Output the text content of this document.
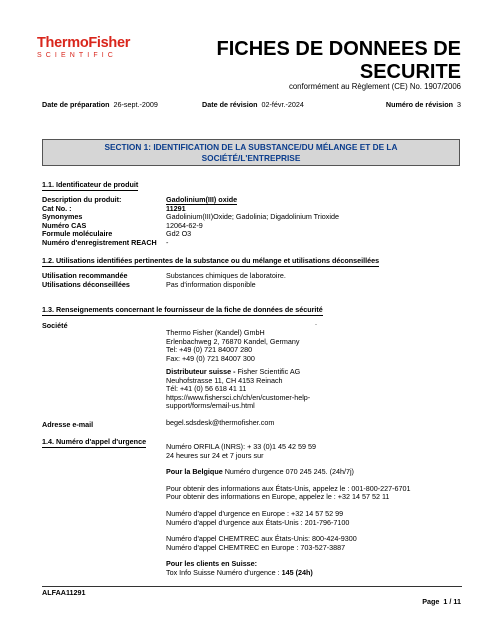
ThermoFisher
SCIENTIFIC	FICHES DE DONNEES DE
SECURITE
conformément au Règlement (CE) No. 1907/2006
Date de préparation 26-sept.-2009	Date de révision 02-févr.-2024	Numéro de révision 3
SECTION 1: IDENTIFICATION DE LA SUBSTANCE/DU MÉLANGE ET DE LA
SOCIÉTÉ/L'ENTREPRISE
1.1. Identificateur de produit
Description du produit:	Gadolinium(III) oxide
Cat No. :	11291
Synonymes	Gadolinium(III)Oxide; Gadolinia; Digadolinium Trioxide
Numéro CAS	12064-62-9
Formule moléculaire	Gd2 O3
Numéro d'enregistrement REACH	-
1.2. Utilisations identifiées pertinentes de la substance ou du mélange et utilisations déconseillées
Utilisation recommandée	Substances chimiques de laboratoire.
Utilisations déconseillées	Pas d'information disponible
1.3. Renseignements concernant le fournisseur de la fiche de données de sécurité
Société	.
Thermo Fisher (Kandel) GmbH
Erlenbachweg 2, 76870 Kandel, Germany
Tel: +49 (0) 721 84007 280
Fax: +49 (0) 721 84007 300
Distributeur suisse - Fisher Scientific AG
Neuhofstrasse 11, CH 4153 Reinach
Tél: +41 (0) 56 618 41 11
https://www.fishersci.ch/ch/en/customer-help-
support/forms/email-us.html
Adresse e-mail	begel.sdsdesk@thermofisher.com
1.4. Numéro d'appel d'urgence
Numéro ORFILA (INRS): + 33 (0)1 45 42 59 59
24 heures sur 24 et 7 jours sur
Pour la Belgique Numéro d'urgence 070 245 245. (24h/7j)
Pour obtenir des informations aux États-Unis, appelez le : 001-800-227-6701
Pour obtenir des informations en Europe, appelez le : +32 14 57 52 11
Numéro d'appel d'urgence en Europe : +32 14 57 52 99
Numéro d'appel d'urgence aux États-Unis : 201-796-7100
Numéro d'appel CHEMTREC aux États-Unis: 800-424-9300
Numéro d'appel CHEMTREC en Europe : 703-527-3887
Pour les clients en Suisse:
Tox Info Suisse Numéro d'urgence : 145 (24h)
ALFAA11291
Page 1 / 11
